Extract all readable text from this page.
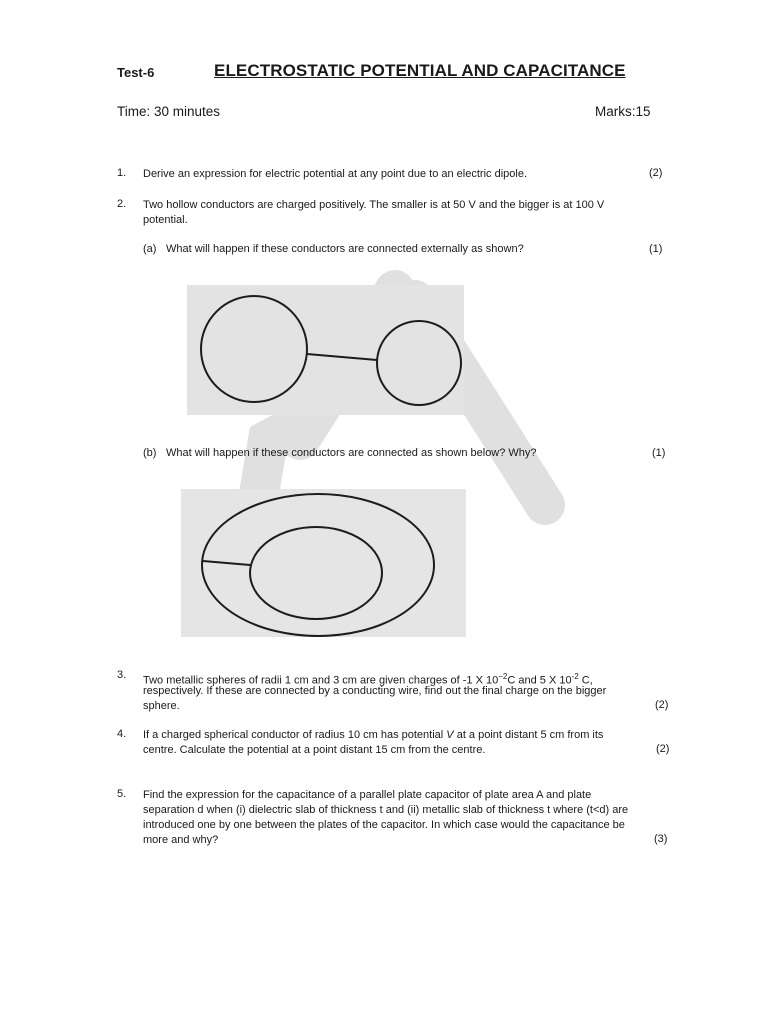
Test-6	ELECTROSTATIC POTENTIAL AND CAPACITANCE
Time: 30 minutes	Marks:15
1. Derive an expression for electric potential at any point due to an electric dipole.	(2)
2. Two hollow conductors are charged positively. The smaller is at 50 V and the bigger is at 100 V
potential.
(a) What will happen if these conductors are connected externally as shown?	(1)
(b) What will happen if these conductors are connected as shown below? Why?	(1)
3. Two metallic spheres of radii 1 cm and 3 cm are given charges of -1 X $10^{-2}C$ and 5 X $10^{-2}$ C,
respectively. If these are connected by a conducting wire, find out the final charge on the bigger
sphere.	(2)
4. If a charged spherical conductor of radius 10 cm has potential V at a point distant 5 cm from its
centre. Calculate the potential at a point distant 15 cm from the centre.	(2)
5. Find the expression for the capacitance of a parallel plate capacitor of plate area A and plate
separation d when (i) dielectric slab of thickness t and (ii) metallic slab of thickness t where (t<d) are
introduced one by one between the plates of the capacitor. In which case would the capacitance be
more and why?	(3)
